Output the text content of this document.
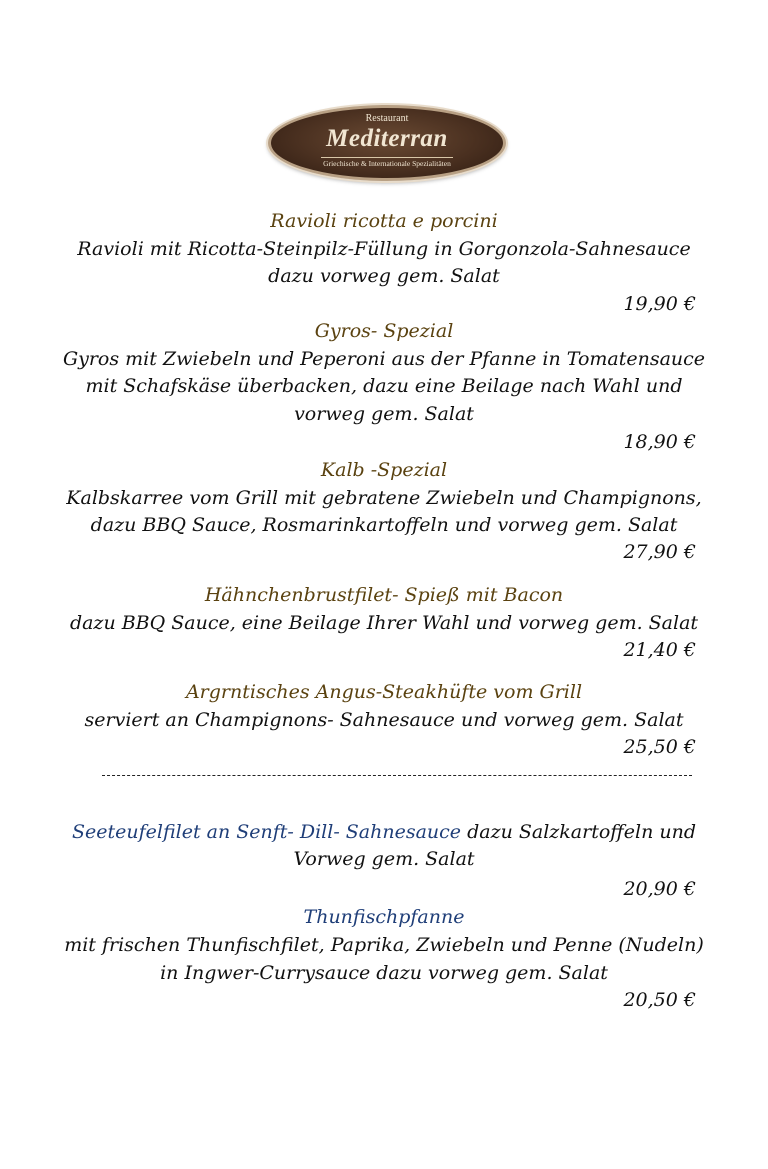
Restaurant
Mediterran
Griechische & Internationale Spezialitäten
Ravioli ricotta e porcini
Ravioli mit Ricotta-Steinpilz-Füllung in Gorgonzola-Sahnesauce
dazu vorweg gem. Salat
19,90 €
Gyros- Spezial
Gyros mit Zwiebeln und Peperoni aus der Pfanne in Tomatensauce
mit Schafskäse überbacken, dazu eine Beilage nach Wahl und
vorweg gem. Salat
18,90 €
Kalb -Spezial
Kalbskarree vom Grill mit gebratene Zwiebeln und Champignons,
dazu BBQ Sauce, Rosmarinkartoffeln und vorweg gem. Salat
27,90 €
Hähnchenbrustfilet- Spieß mit Bacon
dazu BBQ Sauce, eine Beilage Ihrer Wahl und vorweg gem. Salat
21,40 €
Argrntisches Angus-Steakhüfte vom Grill
serviert an Champignons- Sahnesauce und vorweg gem. Salat
25,50 €
Seeteufelfilet an Senft- Dill- Sahnesauce dazu Salzkartoffeln und
Vorweg gem. Salat
20,90 €
Thunfischpfanne
mit frischen Thunfischfilet, Paprika, Zwiebeln und Penne (Nudeln)
in Ingwer-Currysauce dazu vorweg gem. Salat
20,50 €
